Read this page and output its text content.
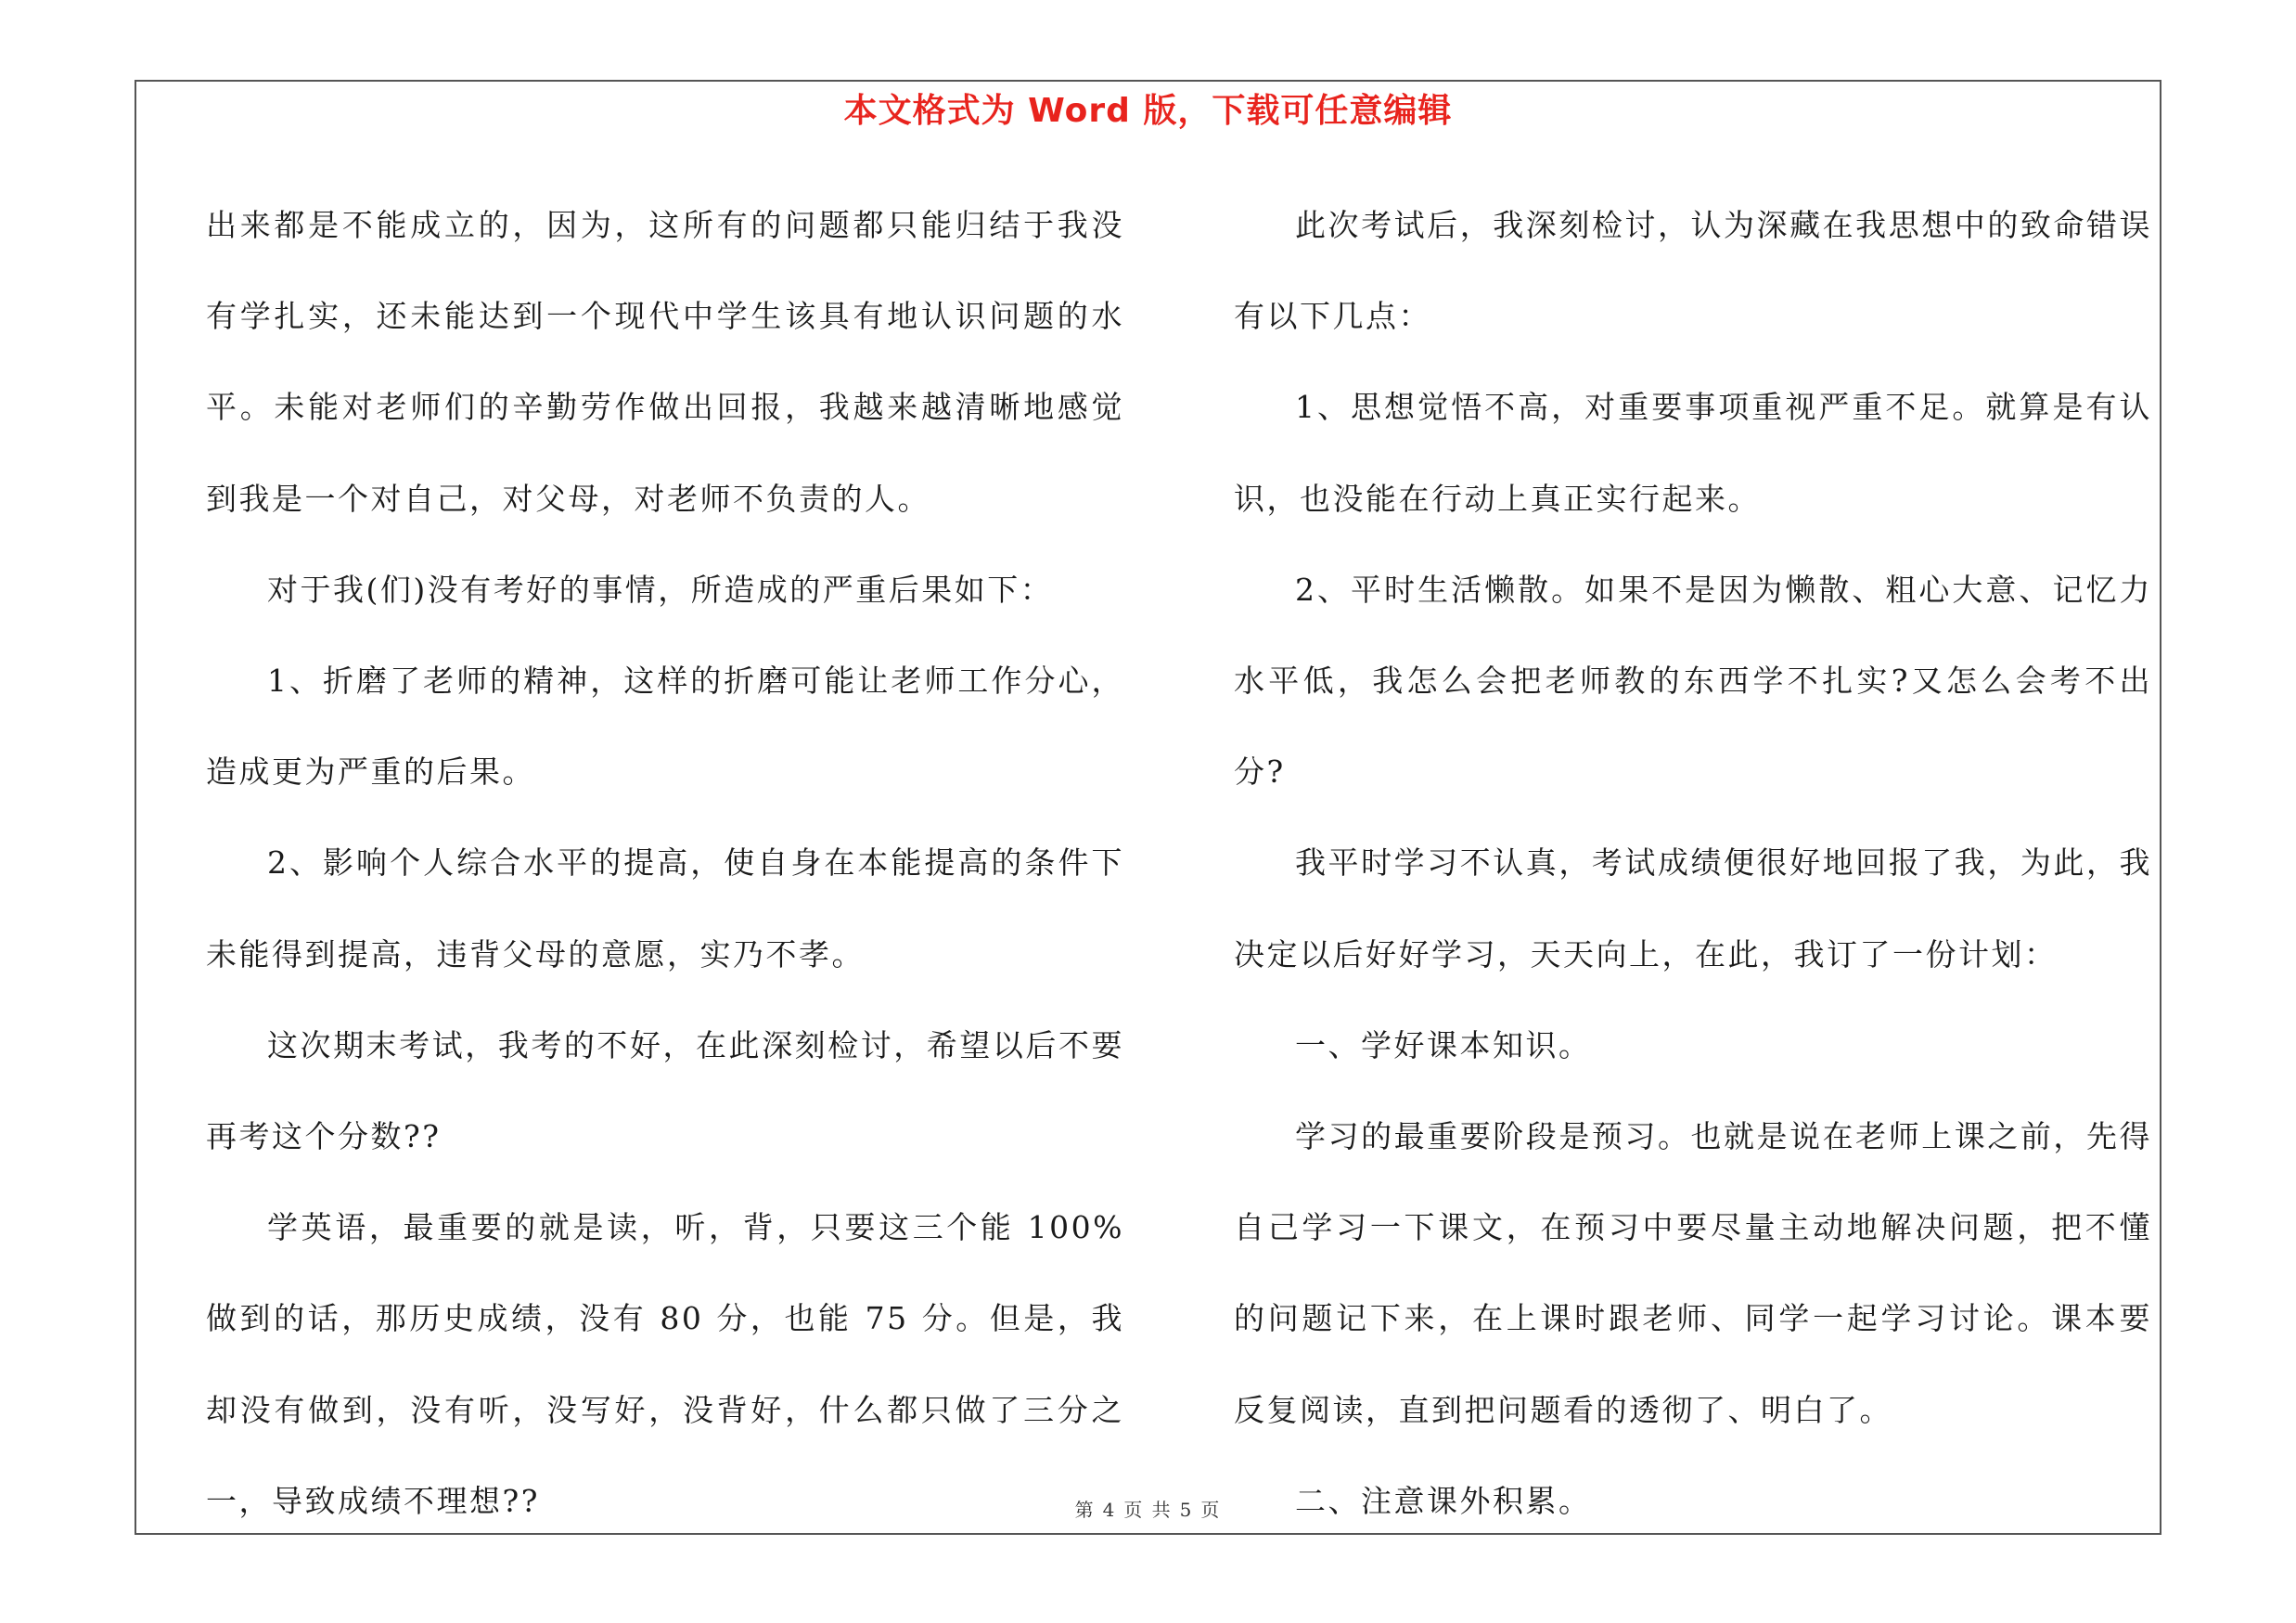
本文格式为 Word 版，下载可任意编辑

出来都是不能成立的，因为，这所有的问题都只能归结于我没有学扎实，还未能达到一个现代中学生该具有地认识问题的水平。未能对老师们的辛勤劳作做出回报，我越来越清晰地感觉到我是一个对自己，对父母，对老师不负责的人。

对于我(们)没有考好的事情，所造成的严重后果如下：

1、折磨了老师的精神，这样的折磨可能让老师工作分心，造成更为严重的后果。

2、影响个人综合水平的提高，使自身在本能提高的条件下未能得到提高，违背父母的意愿，实乃不孝。

这次期末考试，我考的不好，在此深刻检讨，希望以后不要再考这个分数??

学英语，最重要的就是读，听，背，只要这三个能 100%做到的话，那历史成绩，没有 80 分，也能 75 分。但是，我却没有做到，没有听，没写好，没背好，什么都只做了三分之一，导致成绩不理想??

此次考试后，我深刻检讨，认为深藏在我思想中的致命错误有以下几点：

1、思想觉悟不高，对重要事项重视严重不足。就算是有认识，也没能在行动上真正实行起来。

2、平时生活懒散。如果不是因为懒散、粗心大意、记忆力水平低，我怎么会把老师教的东西学不扎实?又怎么会考不出分?

我平时学习不认真，考试成绩便很好地回报了我，为此，我决定以后好好学习，天天向上，在此，我订了一份计划：

一、学好课本知识。

学习的最重要阶段是预习。也就是说在老师上课之前，先得自己学习一下课文，在预习中要尽量主动地解决问题，把不懂的问题记下来，在上课时跟老师、同学一起学习讨论。课本要反复阅读，直到把问题看的透彻了、明白了。

二、注意课外积累。

第 4 页 共 5 页
